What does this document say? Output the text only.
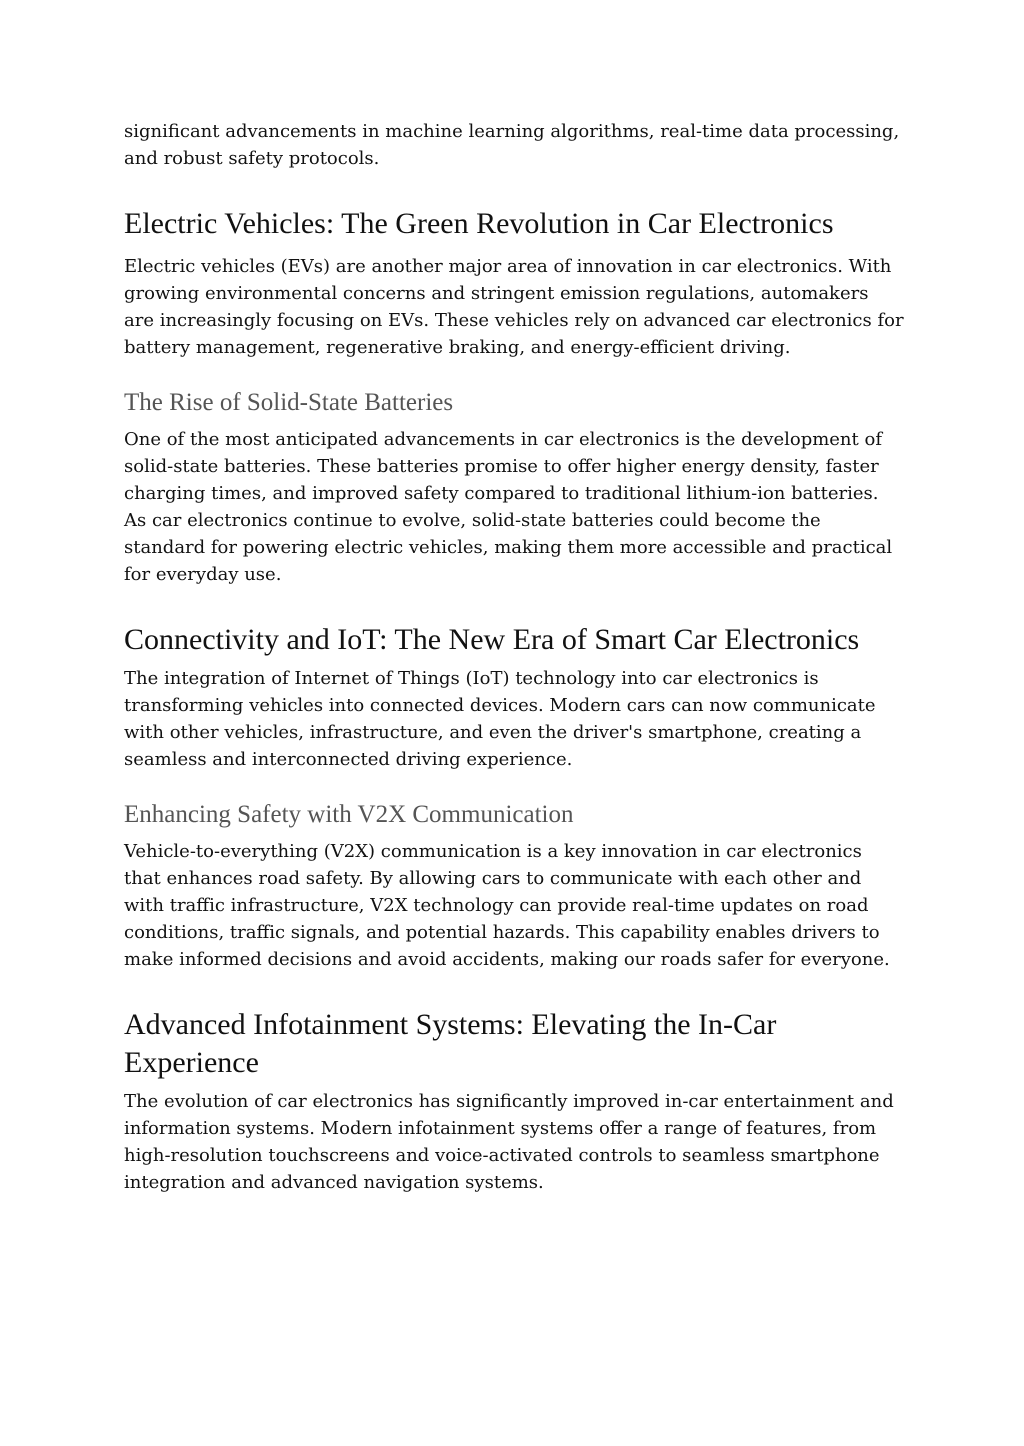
significant advancements in machine learning algorithms, real-time data processing, and robust safety protocols.

Electric Vehicles: The Green Revolution in Car Electronics

Electric vehicles (EVs) are another major area of innovation in car electronics. With growing environmental concerns and stringent emission regulations, automakers are increasingly focusing on EVs. These vehicles rely on advanced car electronics for battery management, regenerative braking, and energy-efficient driving.

The Rise of Solid-State Batteries

One of the most anticipated advancements in car electronics is the development of solid-state batteries. These batteries promise to offer higher energy density, faster charging times, and improved safety compared to traditional lithium-ion batteries. As car electronics continue to evolve, solid-state batteries could become the standard for powering electric vehicles, making them more accessible and practical for everyday use.

Connectivity and IoT: The New Era of Smart Car Electronics

The integration of Internet of Things (IoT) technology into car electronics is transforming vehicles into connected devices. Modern cars can now communicate with other vehicles, infrastructure, and even the driver's smartphone, creating a seamless and interconnected driving experience.

Enhancing Safety with V2X Communication

Vehicle-to-everything (V2X) communication is a key innovation in car electronics that enhances road safety. By allowing cars to communicate with each other and with traffic infrastructure, V2X technology can provide real-time updates on road conditions, traffic signals, and potential hazards. This capability enables drivers to make informed decisions and avoid accidents, making our roads safer for everyone.

Advanced Infotainment Systems: Elevating the In-Car Experience

The evolution of car electronics has significantly improved in-car entertainment and information systems. Modern infotainment systems offer a range of features, from high-resolution touchscreens and voice-activated controls to seamless smartphone integration and advanced navigation systems.
